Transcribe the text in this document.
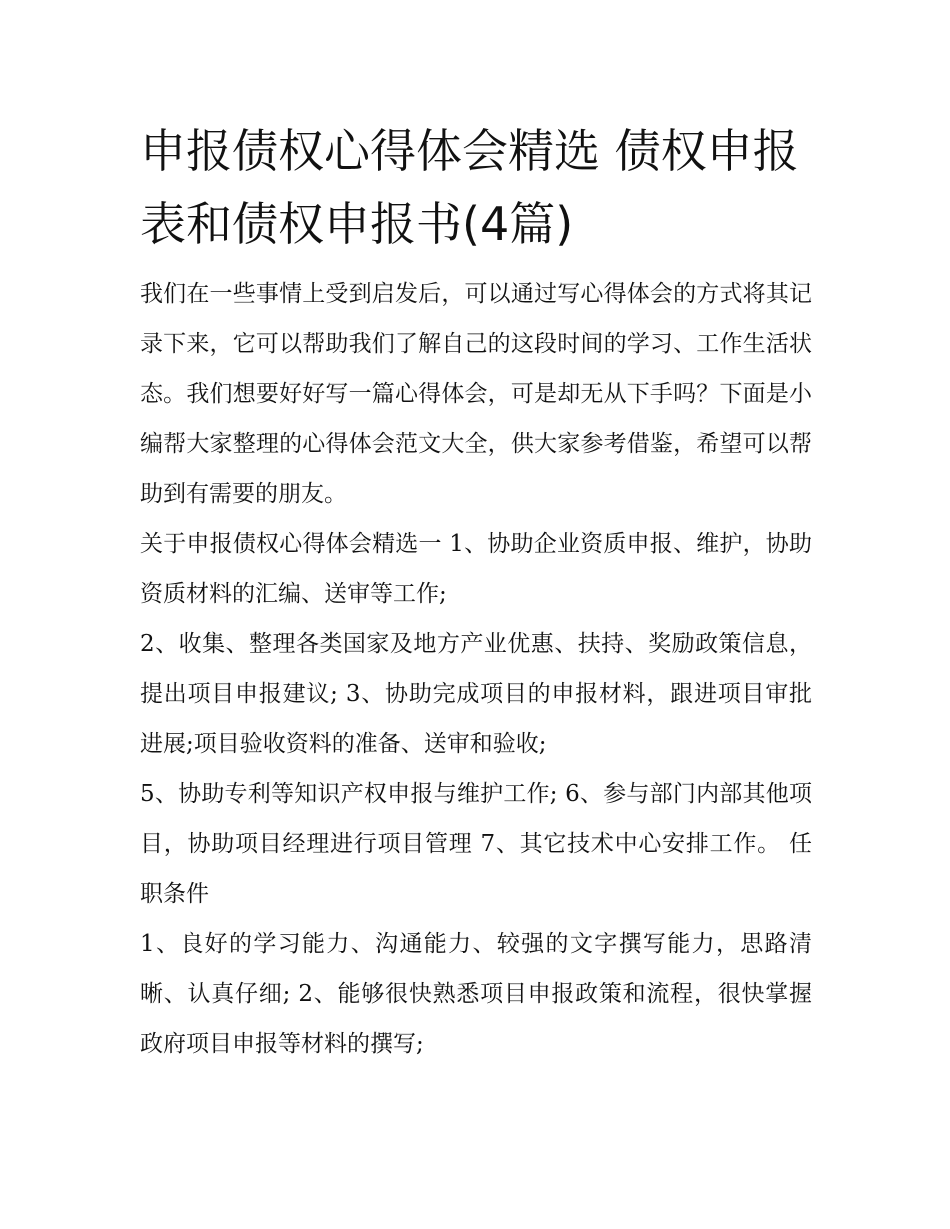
申报债权心得体会精选 债权申报表和债权申报书(4篇)

我们在一些事情上受到启发后，可以通过写心得体会的方式将其记录下来，它可以帮助我们了解自己的这段时间的学习、工作生活状态。我们想要好好写一篇心得体会，可是却无从下手吗？下面是小编帮大家整理的心得体会范文大全，供大家参考借鉴，希望可以帮助到有需要的朋友。

关于申报债权心得体会精选一 1、协助企业资质申报、维护，协助资质材料的汇编、送审等工作;

2、收集、整理各类国家及地方产业优惠、扶持、奖励政策信息，提出项目申报建议; 3、协助完成项目的申报材料，跟进项目审批进展;项目验收资料的准备、送审和验收;

5、协助专利等知识产权申报与维护工作; 6、参与部门内部其他项目，协助项目经理进行项目管理 7、其它技术中心安排工作。 任职条件

1、良好的学习能力、沟通能力、较强的文字撰写能力，思路清晰、认真仔细; 2、能够很快熟悉项目申报政策和流程，很快掌握政府项目申报等材料的撰写;
